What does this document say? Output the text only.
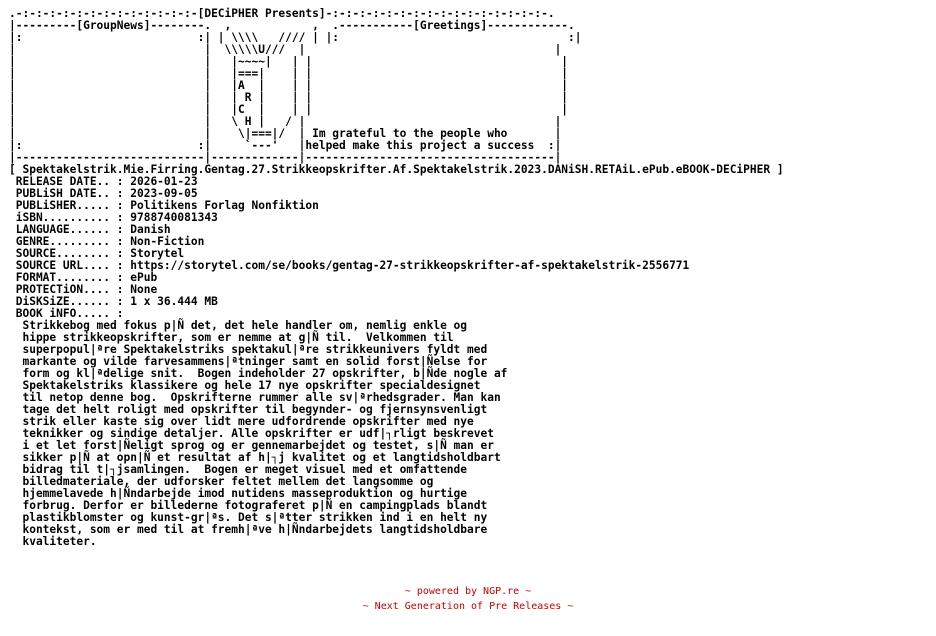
.-:-:-:-:-:-:-:-:-:-:-:-:-:-[DECiPHER Presents]-:-:-:-:-:-:-:-:-:-:-:-:-:-:-:-:-.
|---------[GroupNews]--------.  ,            ,  .-----------[Greetings]------------.
|:                          :| | \\\\   //// | |:                                  :|
|                            |  \\\\\U///  |                                     |
|                            |   |~~~~|   | |                                     |
|                            |   |===|    | |                                     |
|                            |   |A  |    | |                                     |
|                            |   | R |    | |                                     |
|                            |   |C  |    | |                                     |
|                            |   \ H |   / |                                     |
|                            |    \|===|/  | Im grateful to the people who       |
|:                          :|     `---'   |helped make this project a success  :|
|----------------------------|-------------|-------------------------------------|
[ Spektakelstrik.Mie.Firring.Gentag.27.Strikkeopskrifter.Af.Spektakelstrik.2023.DANiSH.RETAiL.ePub.eBOOK-DECiPHER ]
RELEASE DATE.. : 2026-01-23
PUBLiSH DATE.. : 2023-09-05
PUBLiSHER..... : Politikens Forlag Nonfiktion
iSBN.......... : 9788740081343
LANGUAGE...... : Danish
GENRE......... : Non-Fiction
SOURCE........ : Storytel
SOURCE URL.... : https://storytel.com/se/books/gentag-27-strikkeopskrifter-af-spektakelstrik-2556771
FORMAT........ : ePub
PROTECTiON.... : None
DiSKSiZE...... : 1 x 36.444 MB
BOOK iNFO..... :
Strikkebog med fokus p|Ñ det, det hele handler om, nemlig enkle og
hippe strikkeopskrifter, som er nemme at g|Ñ til.  Velkommen til
superpopul|ªre Spektakelstriks spektakul|ªre strikkeunivers fyldt med
markante og vilde farvesammens|ªtninger samt en solid forst|Ñelse for
form og kl|ªdelige snit.  Bogen indeholder 27 opskrifter, b|Ñde nogle af
Spektakelstriks klassikere og hele 17 nye opskrifter specialdesignet
til netop denne bog.  Opskrifterne rummer alle sv|ªrhedsgrader. Man kan
tage det helt roligt med opskrifter til begynder- og fjernsynsvenligt
strik eller kaste sig over lidt mere udfordrende opskrifter med nye
teknikker og sindige detaljer. Alle opskrifter er udf|┐rligt beskrevet
i et let forst|Ñeligt sprog og er gennemarbejdet og testet, s|Ñ man er
sikker p|Ñ at opn|Ñ et resultat af h|┐j kvalitet og et langtidsholdbart
bidrag til t|┐jsamlingen.  Bogen er meget visuel med et omfattende
billedmateriale, der udforsker feltet mellem det langsomme og
hjemmelavede h|Ñndarbejde imod nutidens masseproduktion og hurtige
forbrug. Derfor er billederne fotograferet p|Ñ en campingplads blandt
plastikblomster og kunst-gr|ªs. Det s|ªtter strikken ind i en helt ny
kontekst, som er med til at fremh|ªve h|Ñndarbejdets langtidsholdbare
kvaliteter.
~ powered by NGP.re ~
~ Next Generation of Pre Releases ~
